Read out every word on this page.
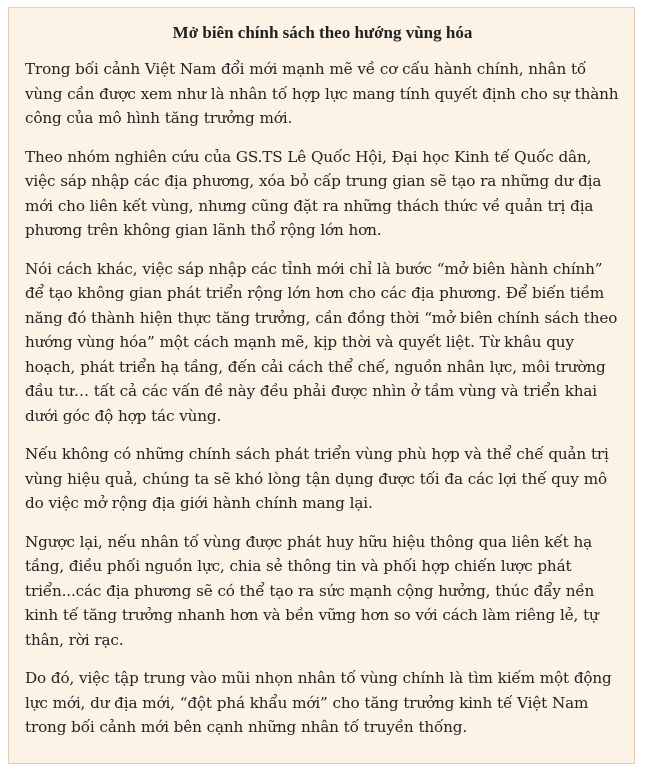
Mở biên chính sách theo hướng vùng hóa

Trong bối cảnh Việt Nam đổi mới mạnh mẽ về cơ cấu hành chính, nhân tố vùng cần được xem như là nhân tố hợp lực mang tính quyết định cho sự thành công của mô hình tăng trưởng mới.

Theo nhóm nghiên cứu của GS.TS Lê Quốc Hội, Đại học Kinh tế Quốc dân, việc sáp nhập các địa phương, xóa bỏ cấp trung gian sẽ tạo ra những dư địa mới cho liên kết vùng, nhưng cũng đặt ra những thách thức về quản trị địa phương trên không gian lãnh thổ rộng lớn hơn.

Nói cách khác, việc sáp nhập các tỉnh mới chỉ là bước “mở biên hành chính” để tạo không gian phát triển rộng lớn hơn cho các địa phương. Để biến tiềm năng đó thành hiện thực tăng trưởng, cần đồng thời “mở biên chính sách theo hướng vùng hóa” một cách mạnh mẽ, kịp thời và quyết liệt. Từ khâu quy hoạch, phát triển hạ tầng, đến cải cách thể chế, nguồn nhân lực, môi trường đầu tư… tất cả các vấn đề này đều phải được nhìn ở tầm vùng và triển khai dưới góc độ hợp tác vùng.

Nếu không có những chính sách phát triển vùng phù hợp và thể chế quản trị vùng hiệu quả, chúng ta sẽ khó lòng tận dụng được tối đa các lợi thế quy mô do việc mở rộng địa giới hành chính mang lại.

Ngược lại, nếu nhân tố vùng được phát huy hữu hiệu thông qua liên kết hạ tầng, điều phối nguồn lực, chia sẻ thông tin và phối hợp chiến lược phát triển...các địa phương sẽ có thể tạo ra sức mạnh cộng hưởng, thúc đẩy nền kinh tế tăng trưởng nhanh hơn và bền vững hơn so với cách làm riêng lẻ, tự thân, rời rạc.

Do đó, việc tập trung vào mũi nhọn nhân tố vùng chính là tìm kiếm một động lực mới, dư địa mới, “đột phá khẩu mới” cho tăng trưởng kinh tế Việt Nam trong bối cảnh mới bên cạnh những nhân tố truyền thống.
